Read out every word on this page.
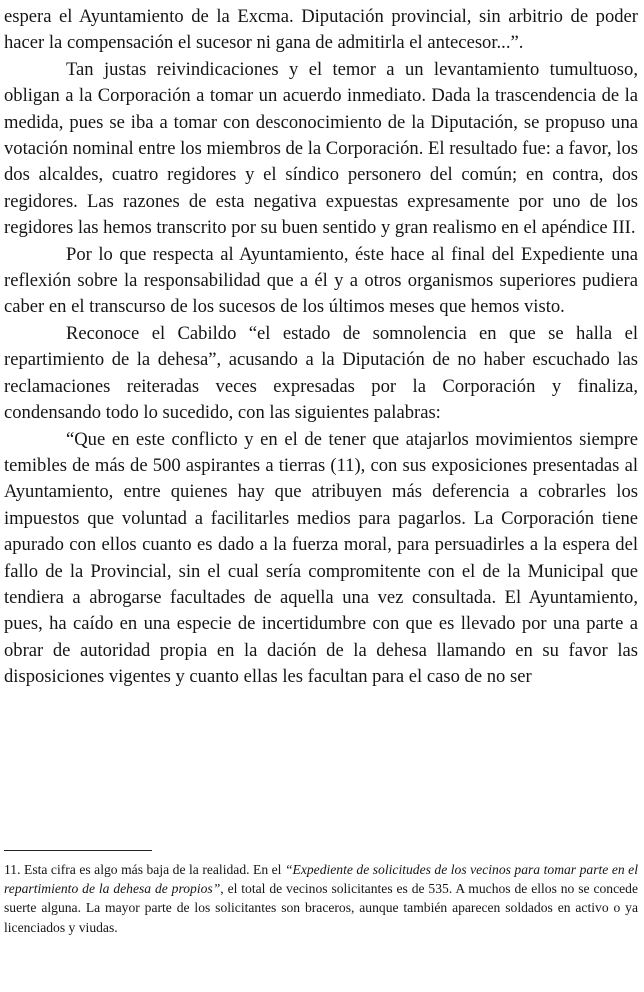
espera el Ayuntamiento de la Excma. Diputación provincial, sin arbitrio de poder hacer la compensación el sucesor ni gana de admitirla el antecesor...”.

Tan justas reivindicaciones y el temor a un levantamiento tumultuoso, obligan a la Corporación a tomar un acuerdo inmediato. Dada la trascendencia de la medida, pues se iba a tomar con desconocimiento de la Diputación, se propuso una votación nominal entre los miembros de la Corporación. El resultado fue: a favor, los dos alcaldes, cuatro regidores y el síndico personero del común; en contra, dos regidores. Las razones de esta negativa expuestas expresamente por uno de los regidores las hemos transcrito por su buen sentido y gran realismo en el apéndice III.

Por lo que respecta al Ayuntamiento, éste hace al final del Expediente una reflexión sobre la responsabilidad que a él y a otros organismos superiores pudiera caber en el transcurso de los sucesos de los últimos meses que hemos visto.

Reconoce el Cabildo “el estado de somnolencia en que se halla el repartimiento de la dehesa”, acusando a la Diputación de no haber escuchado las reclamaciones reiteradas veces expresadas por la Corporación y finaliza, condensando todo lo sucedido, con las siguientes palabras:

“Que en este conflicto y en el de tener que atajarlos movimientos siempre temibles de más de 500 aspirantes a tierras (11), con sus exposiciones presentadas al Ayuntamiento, entre quienes hay que atribuyen más deferencia a cobrarles los impuestos que voluntad a facilitarles medios para pagarlos. La Corporación tiene apurado con ellos cuanto es dado a la fuerza moral, para persuadirles a la espera del fallo de la Provincial, sin el cual sería compromitente con el de la Municipal que tendiera a abrogarse facultades de aquella una vez consultada. El Ayuntamiento, pues, ha caído en una especie de incertidumbre con que es llevado por una parte a obrar de autoridad propia en la dación de la dehesa llamando en su favor las disposiciones vigentes y cuanto ellas les facultan para el caso de no ser

11. Esta cifra es algo más baja de la realidad. En el “Expediente de solicitudes de los vecinos para tomar parte en el repartimiento de la dehesa de propios”, el total de vecinos solicitantes es de 535. A muchos de ellos no se concede suerte alguna. La mayor parte de los solicitantes son braceros, aunque también aparecen soldados en activo o ya licenciados y viudas.
